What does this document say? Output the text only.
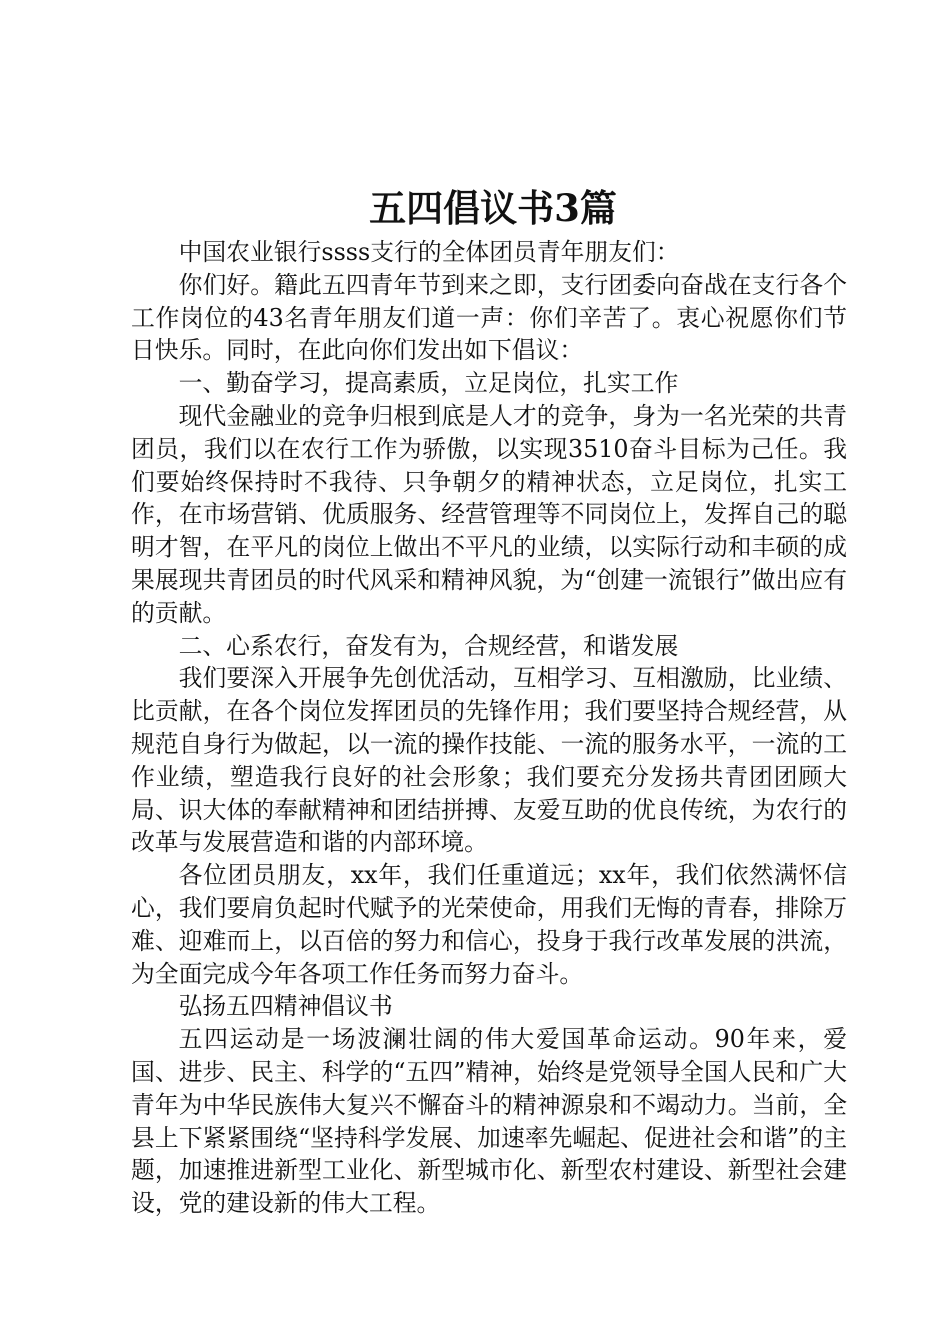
五四倡议书3篇

中国农业银行ssss支行的全体团员青年朋友们：

你们好。籍此五四青年节到来之即，支行团委向奋战在支行各个工作岗位的43名青年朋友们道一声：你们辛苦了。衷心祝愿你们节日快乐。同时，在此向你们发出如下倡议：

一、勤奋学习，提高素质，立足岗位，扎实工作

现代金融业的竞争归根到底是人才的竞争，身为一名光荣的共青团员，我们以在农行工作为骄傲，以实现3510奋斗目标为己任。我们要始终保持时不我待、只争朝夕的精神状态，立足岗位，扎实工作，在市场营销、优质服务、经营管理等不同岗位上，发挥自己的聪明才智，在平凡的岗位上做出不平凡的业绩，以实际行动和丰硕的成果展现共青团员的时代风采和精神风貌，为“创建一流银行”做出应有的贡献。

二、心系农行，奋发有为，合规经营，和谐发展

我们要深入开展争先创优活动，互相学习、互相激励，比业绩、比贡献，在各个岗位发挥团员的先锋作用；我们要坚持合规经营，从规范自身行为做起，以一流的操作技能、一流的服务水平，一流的工作业绩，塑造我行良好的社会形象；我们要充分发扬共青团团顾大局、识大体的奉献精神和团结拼搏、友爱互助的优良传统，为农行的改革与发展营造和谐的内部环境。

各位团员朋友，xx年，我们任重道远；xx年，我们依然满怀信心，我们要肩负起时代赋予的光荣使命，用我们无悔的青春，排除万难、迎难而上，以百倍的努力和信心，投身于我行改革发展的洪流，为全面完成今年各项工作任务而努力奋斗。

弘扬五四精神倡议书

五四运动是一场波澜壮阔的伟大爱国革命运动。90年来，爱国、进步、民主、科学的“五四”精神，始终是党领导全国人民和广大青年为中华民族伟大复兴不懈奋斗的精神源泉和不竭动力。当前，全县上下紧紧围绕“坚持科学发展、加速率先崛起、促进社会和谐”的主题，加速推进新型工业化、新型城市化、新型农村建设、新型社会建设，党的建设新的伟大工程。
